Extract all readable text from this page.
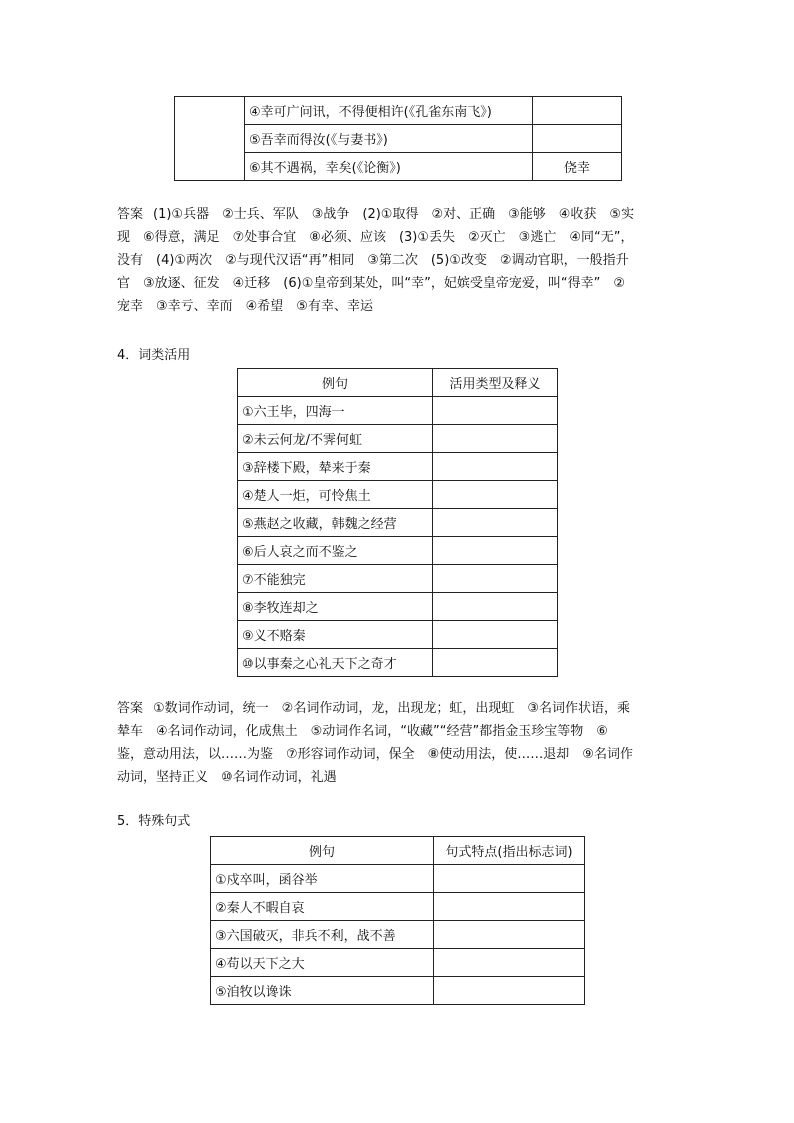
	④幸可广问讯，不得便相许(《孔雀东南飞》)	
	⑤吾幸而得汝(《与妻书》)	
	⑥其不遇祸，幸矣(《论衡》)	侥幸
答案 (1)①兵器　②士兵、军队　③战争　(2)①取得　②对、正确　③能够　④收获　⑤实
现　⑥得意，满足　⑦处事合宜　⑧必须、应该　(3)①丢失　②灭亡　③逃亡　④同“无”，
没有　(4)①两次　②与现代汉语“再”相同　③第二次　(5)①改变　②调动官职，一般指升
官　③放逐、征发　④迁移　(6)①皇帝到某处，叫“幸”，妃嫔受皇帝宠爱，叫“得幸”　②
宠幸　③幸亏、幸而　④希望　⑤有幸、幸运
4．词类活用
例句	活用类型及释义
①六王毕，四海一	
②未云何龙/不霁何虹	
③辞楼下殿，辇来于秦	
④楚人一炬，可怜焦土	
⑤燕赵之收藏，韩魏之经营	
⑥后人哀之而不鉴之	
⑦不能独完	
⑧李牧连却之	
⑨义不赂秦	
⑩以事秦之心礼天下之奇才	
答案 ①数词作动词，统一　②名词作动词，龙，出现龙；虹，出现虹　③名词作状语，乘
辇车　④名词作动词，化成焦土　⑤动词作名词，“收藏”“经营”都指金玉珍宝等物　⑥
鉴，意动用法，以……为鉴　⑦形容词作动词，保全　⑧使动用法，使……退却　⑨名词作
动词，坚持正义　⑩名词作动词，礼遇
5．特殊句式
例句	句式特点(指出标志词)
①戍卒叫，函谷举	
②秦人不暇自哀	
③六国破灭，非兵不利，战不善	
④苟以天下之大	
⑤洎牧以谗诛	
